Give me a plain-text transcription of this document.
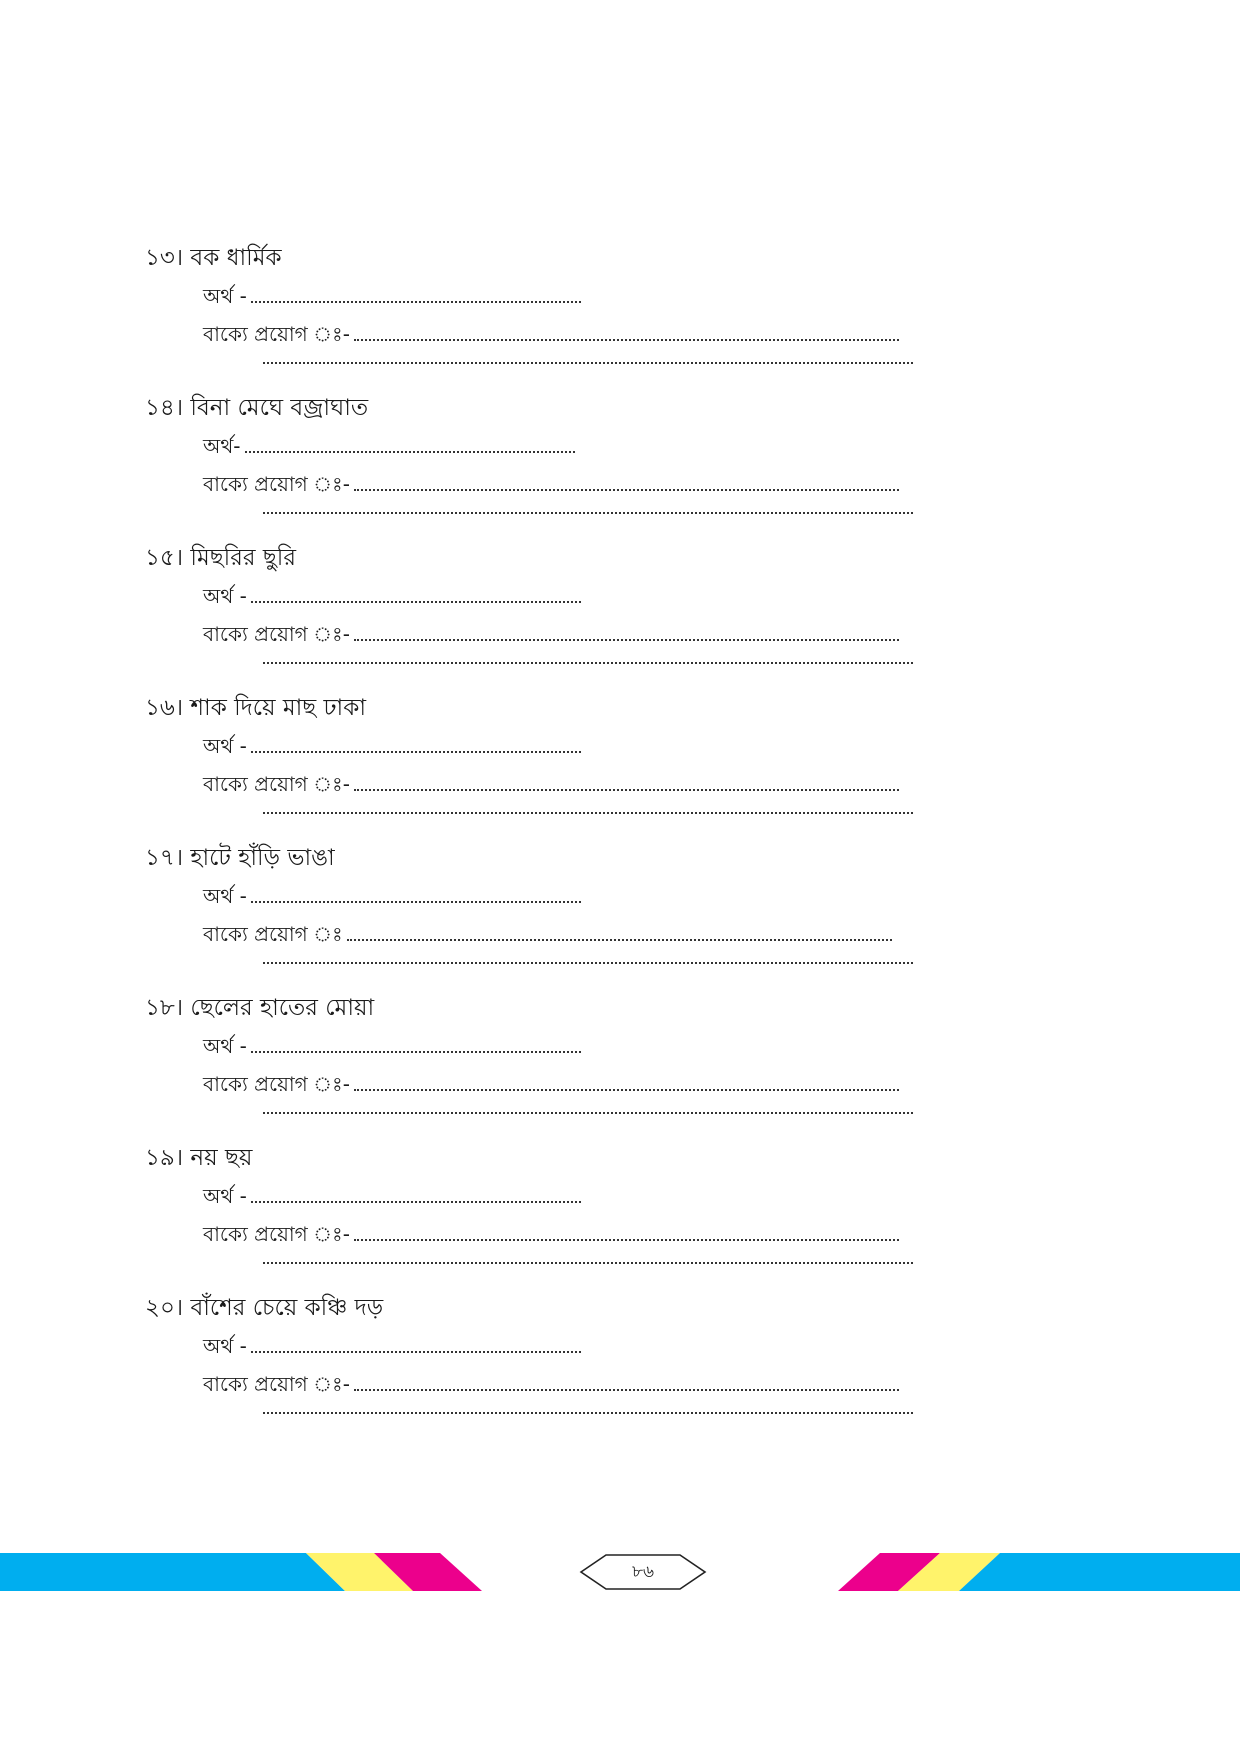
১৩। বক ধার্মিক
অর্থ -
বাক্যে প্রয়োগ ঃ-
১৪। বিনা মেঘে বজ্রাঘাত
অর্থ-
বাক্যে প্রয়োগ ঃ-
১৫। মিছরির ছুরি
অর্থ -
বাক্যে প্রয়োগ ঃ-
১৬। শাক দিয়ে মাছ ঢাকা
অর্থ -
বাক্যে প্রয়োগ ঃ-
১৭। হাটে হাঁড়ি ভাঙা
অর্থ -
বাক্যে প্রয়োগ ঃ
১৮। ছেলের হাতের মোয়া
অর্থ -
বাক্যে প্রয়োগ ঃ-
১৯। নয় ছয়
অর্থ -
বাক্যে প্রয়োগ ঃ-
২০। বাঁশের চেয়ে কঞ্চি দড়
অর্থ -
বাক্যে প্রয়োগ ঃ-
৮৬
